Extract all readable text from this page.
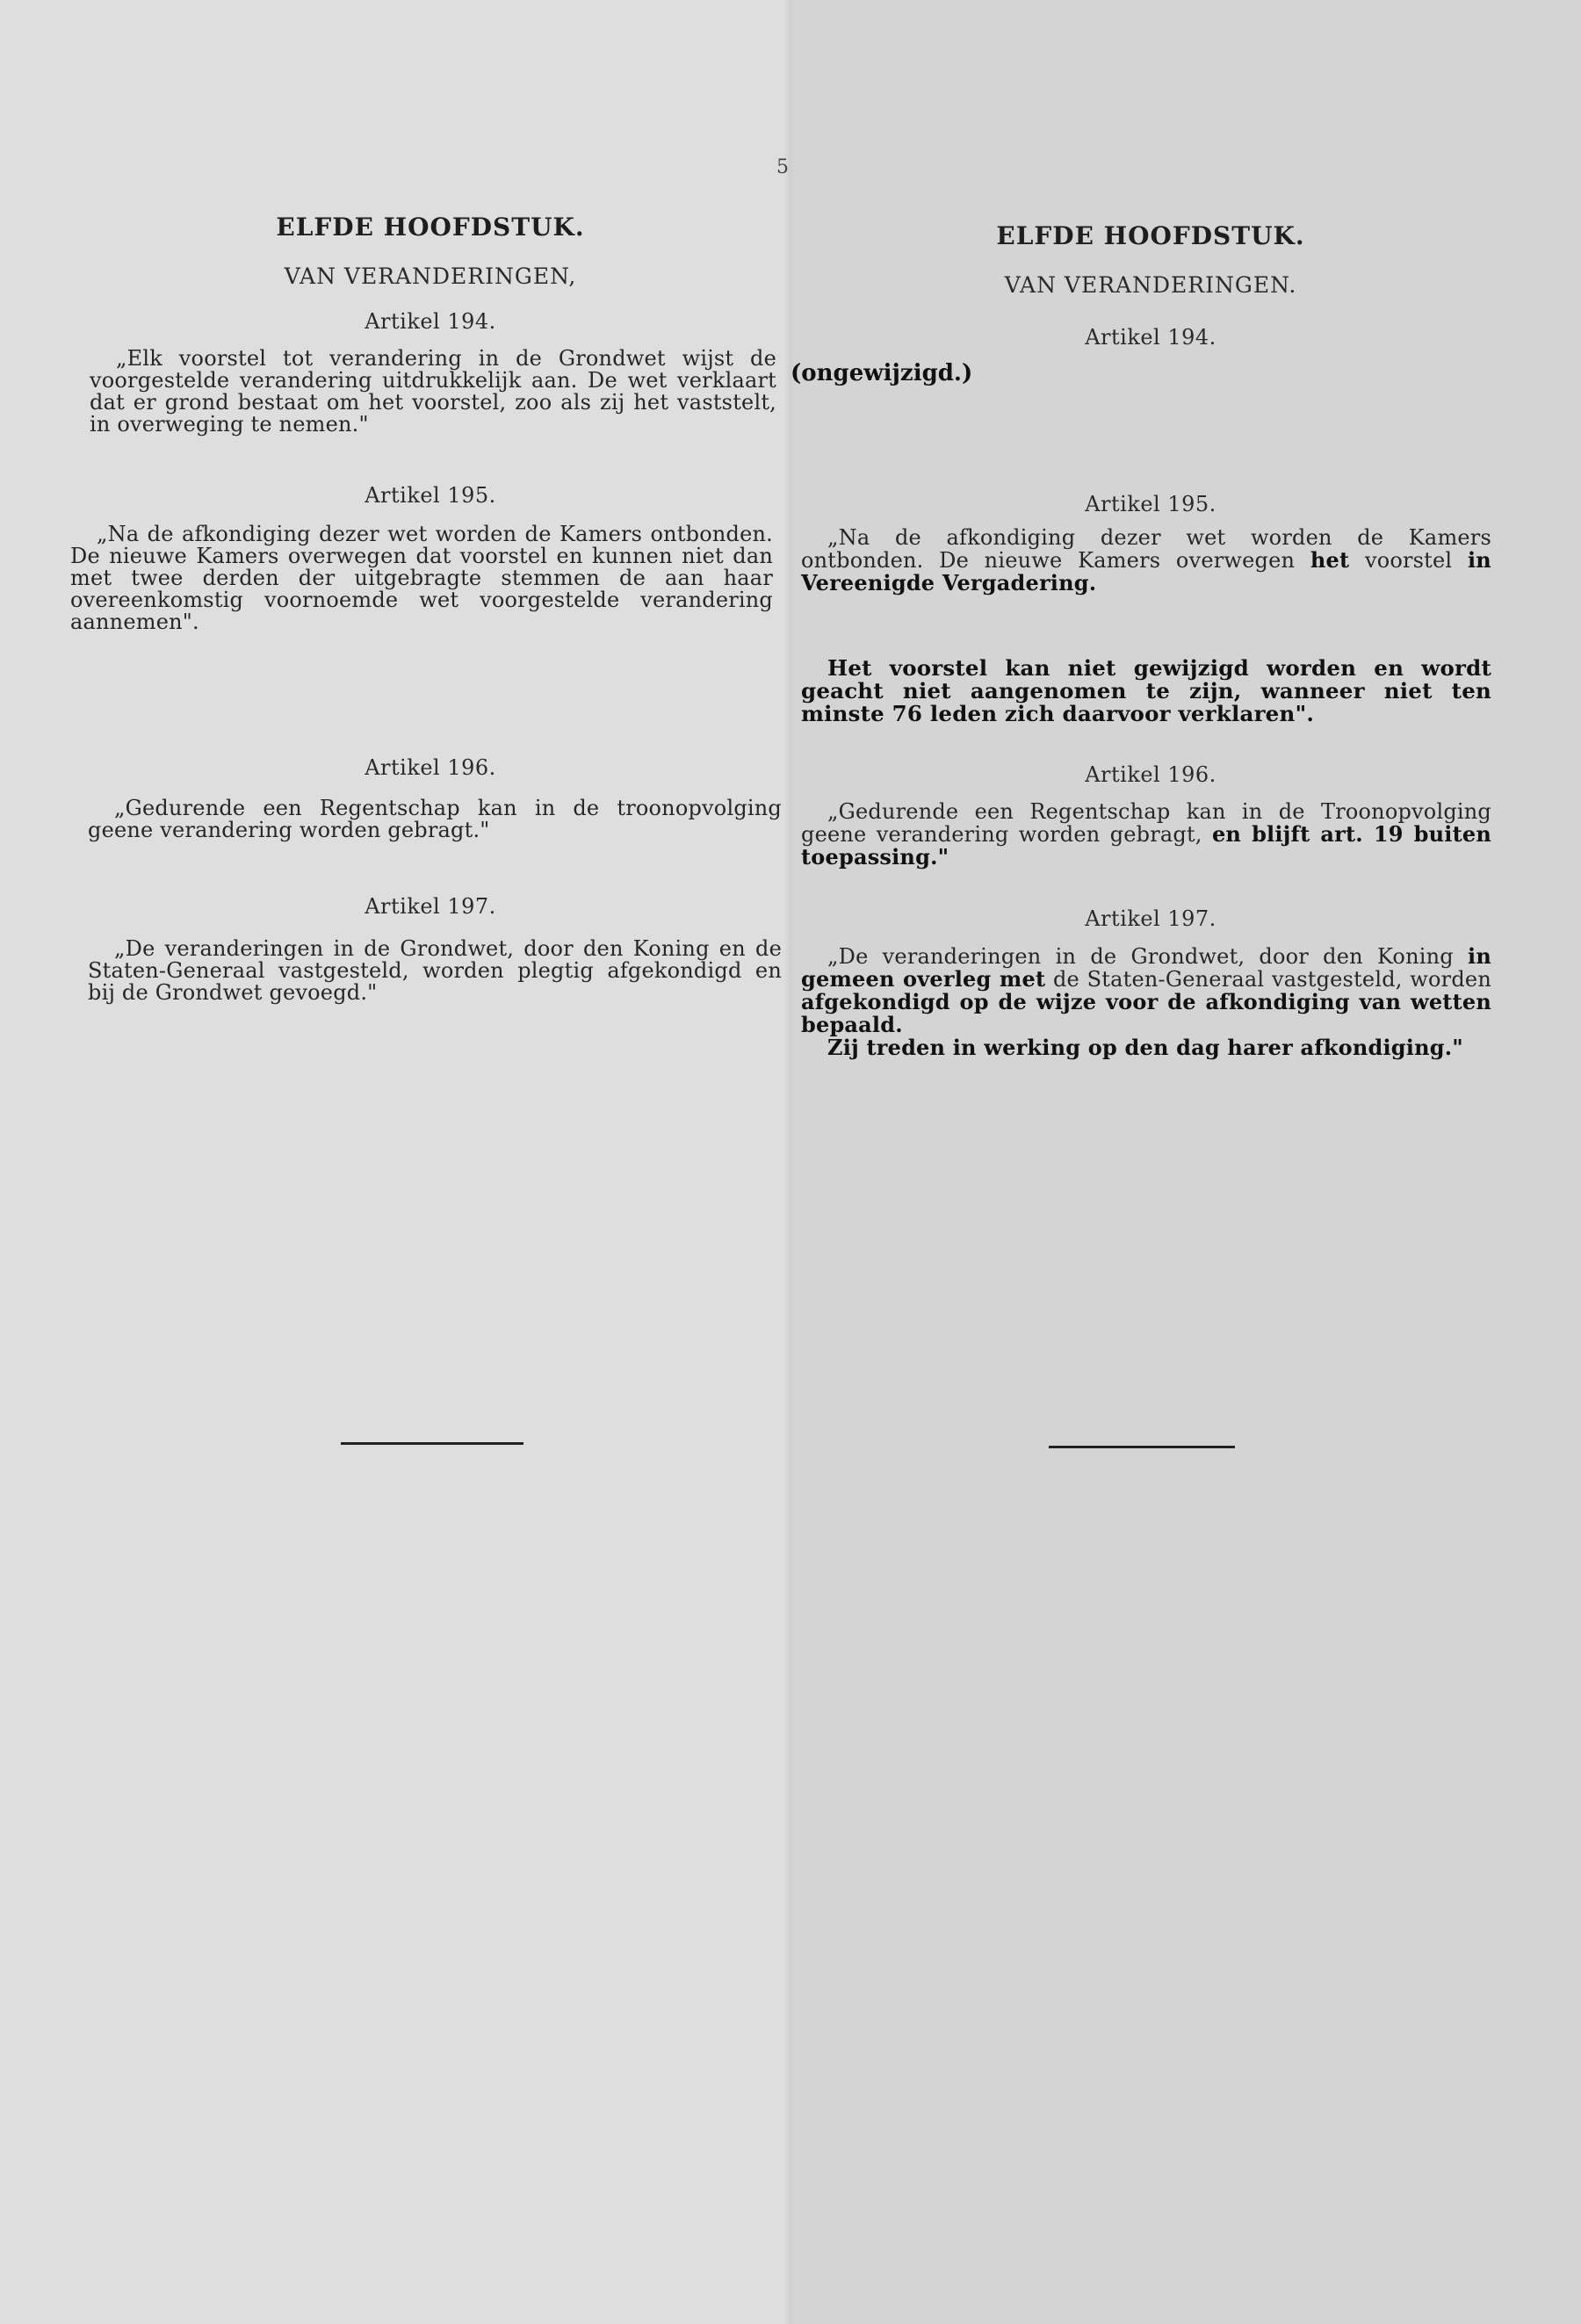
5
ELFDE HOOFDSTUK.
VAN VERANDERINGEN,
Artikel 194.
„Elk voorstel tot verandering in de Grondwet wijst de voorgestelde verandering uitdrukkelijk aan. De wet verklaart dat er grond bestaat om het voorstel, zoo als zij het vaststelt, in overweging te nemen."
Artikel 195.
„Na de afkondiging dezer wet worden de Kamers ontbonden. De nieuwe Kamers overwegen dat voorstel en kunnen niet dan met twee derden der uitgebragte stemmen de aan haar overeenkomstig voornoemde wet voorgestelde verandering aannemen".
Artikel 196.
„Gedurende een Regentschap kan in de troonopvolging geene verandering worden gebragt."
Artikel 197.
„De veranderingen in de Grondwet, door den Koning en de Staten-Generaal vastgesteld, worden plegtig afgekondigd en bij de Grondwet gevoegd."
ELFDE HOOFDSTUK.
VAN VERANDERINGEN.
Artikel 194.
(ongewijzigd.)
Artikel 195.
„Na de afkondiging dezer wet worden de Kamers ontbonden. De nieuwe Kamers overwegen het voorstel in Vereenigde Vergadering.
Het voorstel kan niet gewijzigd worden en wordt geacht niet aangenomen te zijn, wanneer niet ten minste 76 leden zich daarvoor verklaren".
Artikel 196.
„Gedurende een Regentschap kan in de Troonopvolging geene verandering worden gebragt, en blijft art. 19 buiten toepassing."
Artikel 197.
„De veranderingen in de Grondwet, door den Koning in gemeen overleg met de Staten-Generaal vastgesteld, worden afgekondigd op de wijze voor de afkondiging van wetten bepaald.
Zij treden in werking op den dag harer afkondiging."
